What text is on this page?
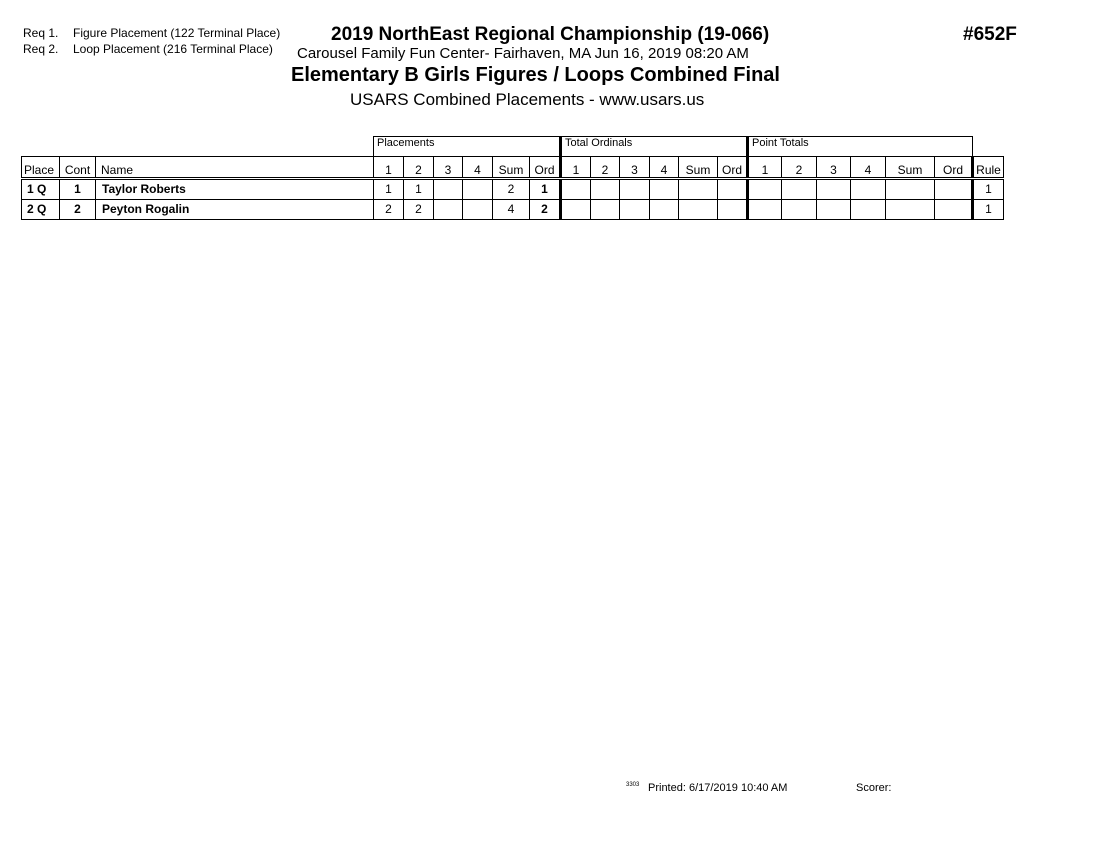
Req 1. Figure Placement (122 Terminal Place)
Req 2. Loop Placement (216 Terminal Place)
2019 NorthEast Regional Championship (19-066)
Carousel Family Fun Center- Fairhaven, MA Jun 16, 2019 08:20 AM
Elementary B Girls Figures / Loops Combined Final
USARS Combined Placements - www.usars.us
#652F
			Placements						Total Ordinals						Point Totals						
Place	Cont	Name	1	2	3	4	Sum	Ord	1	2	3	4	Sum	Ord	1	2	3	4	Sum	Ord	Rule
1 Q	1	Taylor Roberts	1	1			2	1													1
2 Q	2	Peyton Rogalin	2	2			4	2													1
3303 Printed: 6/17/2019 10:40 AM	Scorer:
